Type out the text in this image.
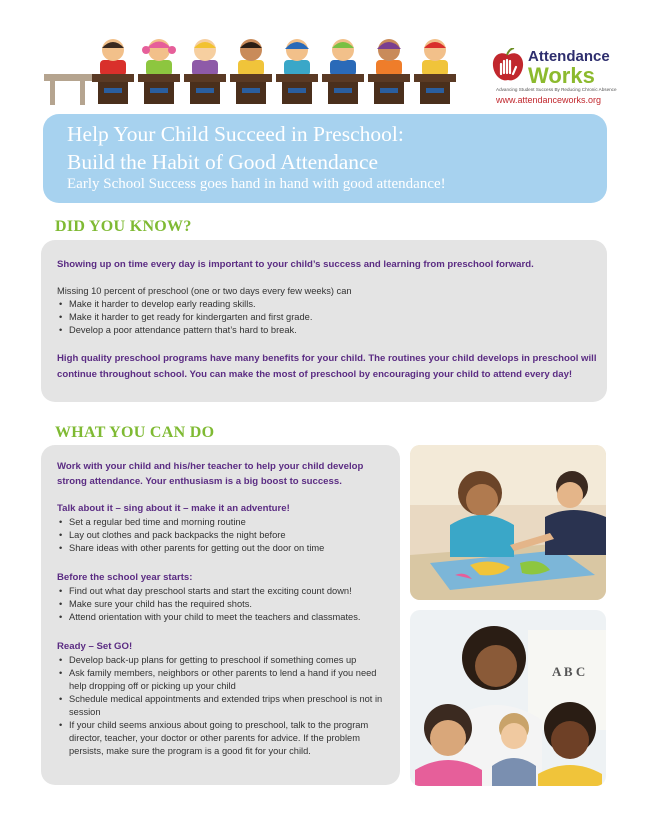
Attendance
Works
Advancing Student Success By Reducing Chronic Absence
www.attendanceworks.org
Help Your Child Succeed in Preschool:
Build the Habit of Good Attendance
Early School Success goes hand in hand with good attendance!
DID YOU KNOW?
Showing up on time every day is important to your child’s success and learning from preschool forward.
Missing 10 percent of preschool (one or two days every few weeks) can
• Make it harder to develop early reading skills.
• Make it harder to get ready for kindergarten and first grade.
• Develop a poor attendance pattern that’s hard to break.
High quality preschool programs have many benefits for your child. The routines your child develops in preschool will continue throughout school. You can make the most of preschool by encouraging your child to attend every day!
WHAT YOU CAN DO
Work with your child and his/her teacher to help your child develop strong attendance. Your enthusiasm is a big boost to success.
Talk about it – sing about it – make it an adventure!
• Set a regular bed time and morning routine
• Lay out clothes and pack backpacks the night before
• Share ideas with other parents for getting out the door on time
Before the school year starts:
• Find out what day preschool starts and start the exciting count down!
• Make sure your child has the required shots.
• Attend orientation with your child to meet the teachers and classmates.
Ready – Set GO!
• Develop back-up plans for getting to preschool if something comes up
• Ask family members, neighbors or other parents to lend a hand if you need help dropping off or picking up your child
• Schedule medical appointments and extended trips when preschool is not in session
• If your child seems anxious about going to preschool, talk to the program director, teacher, your doctor or other parents for advice. If the problem persists, make sure the program is a good fit for your child.
A B C
